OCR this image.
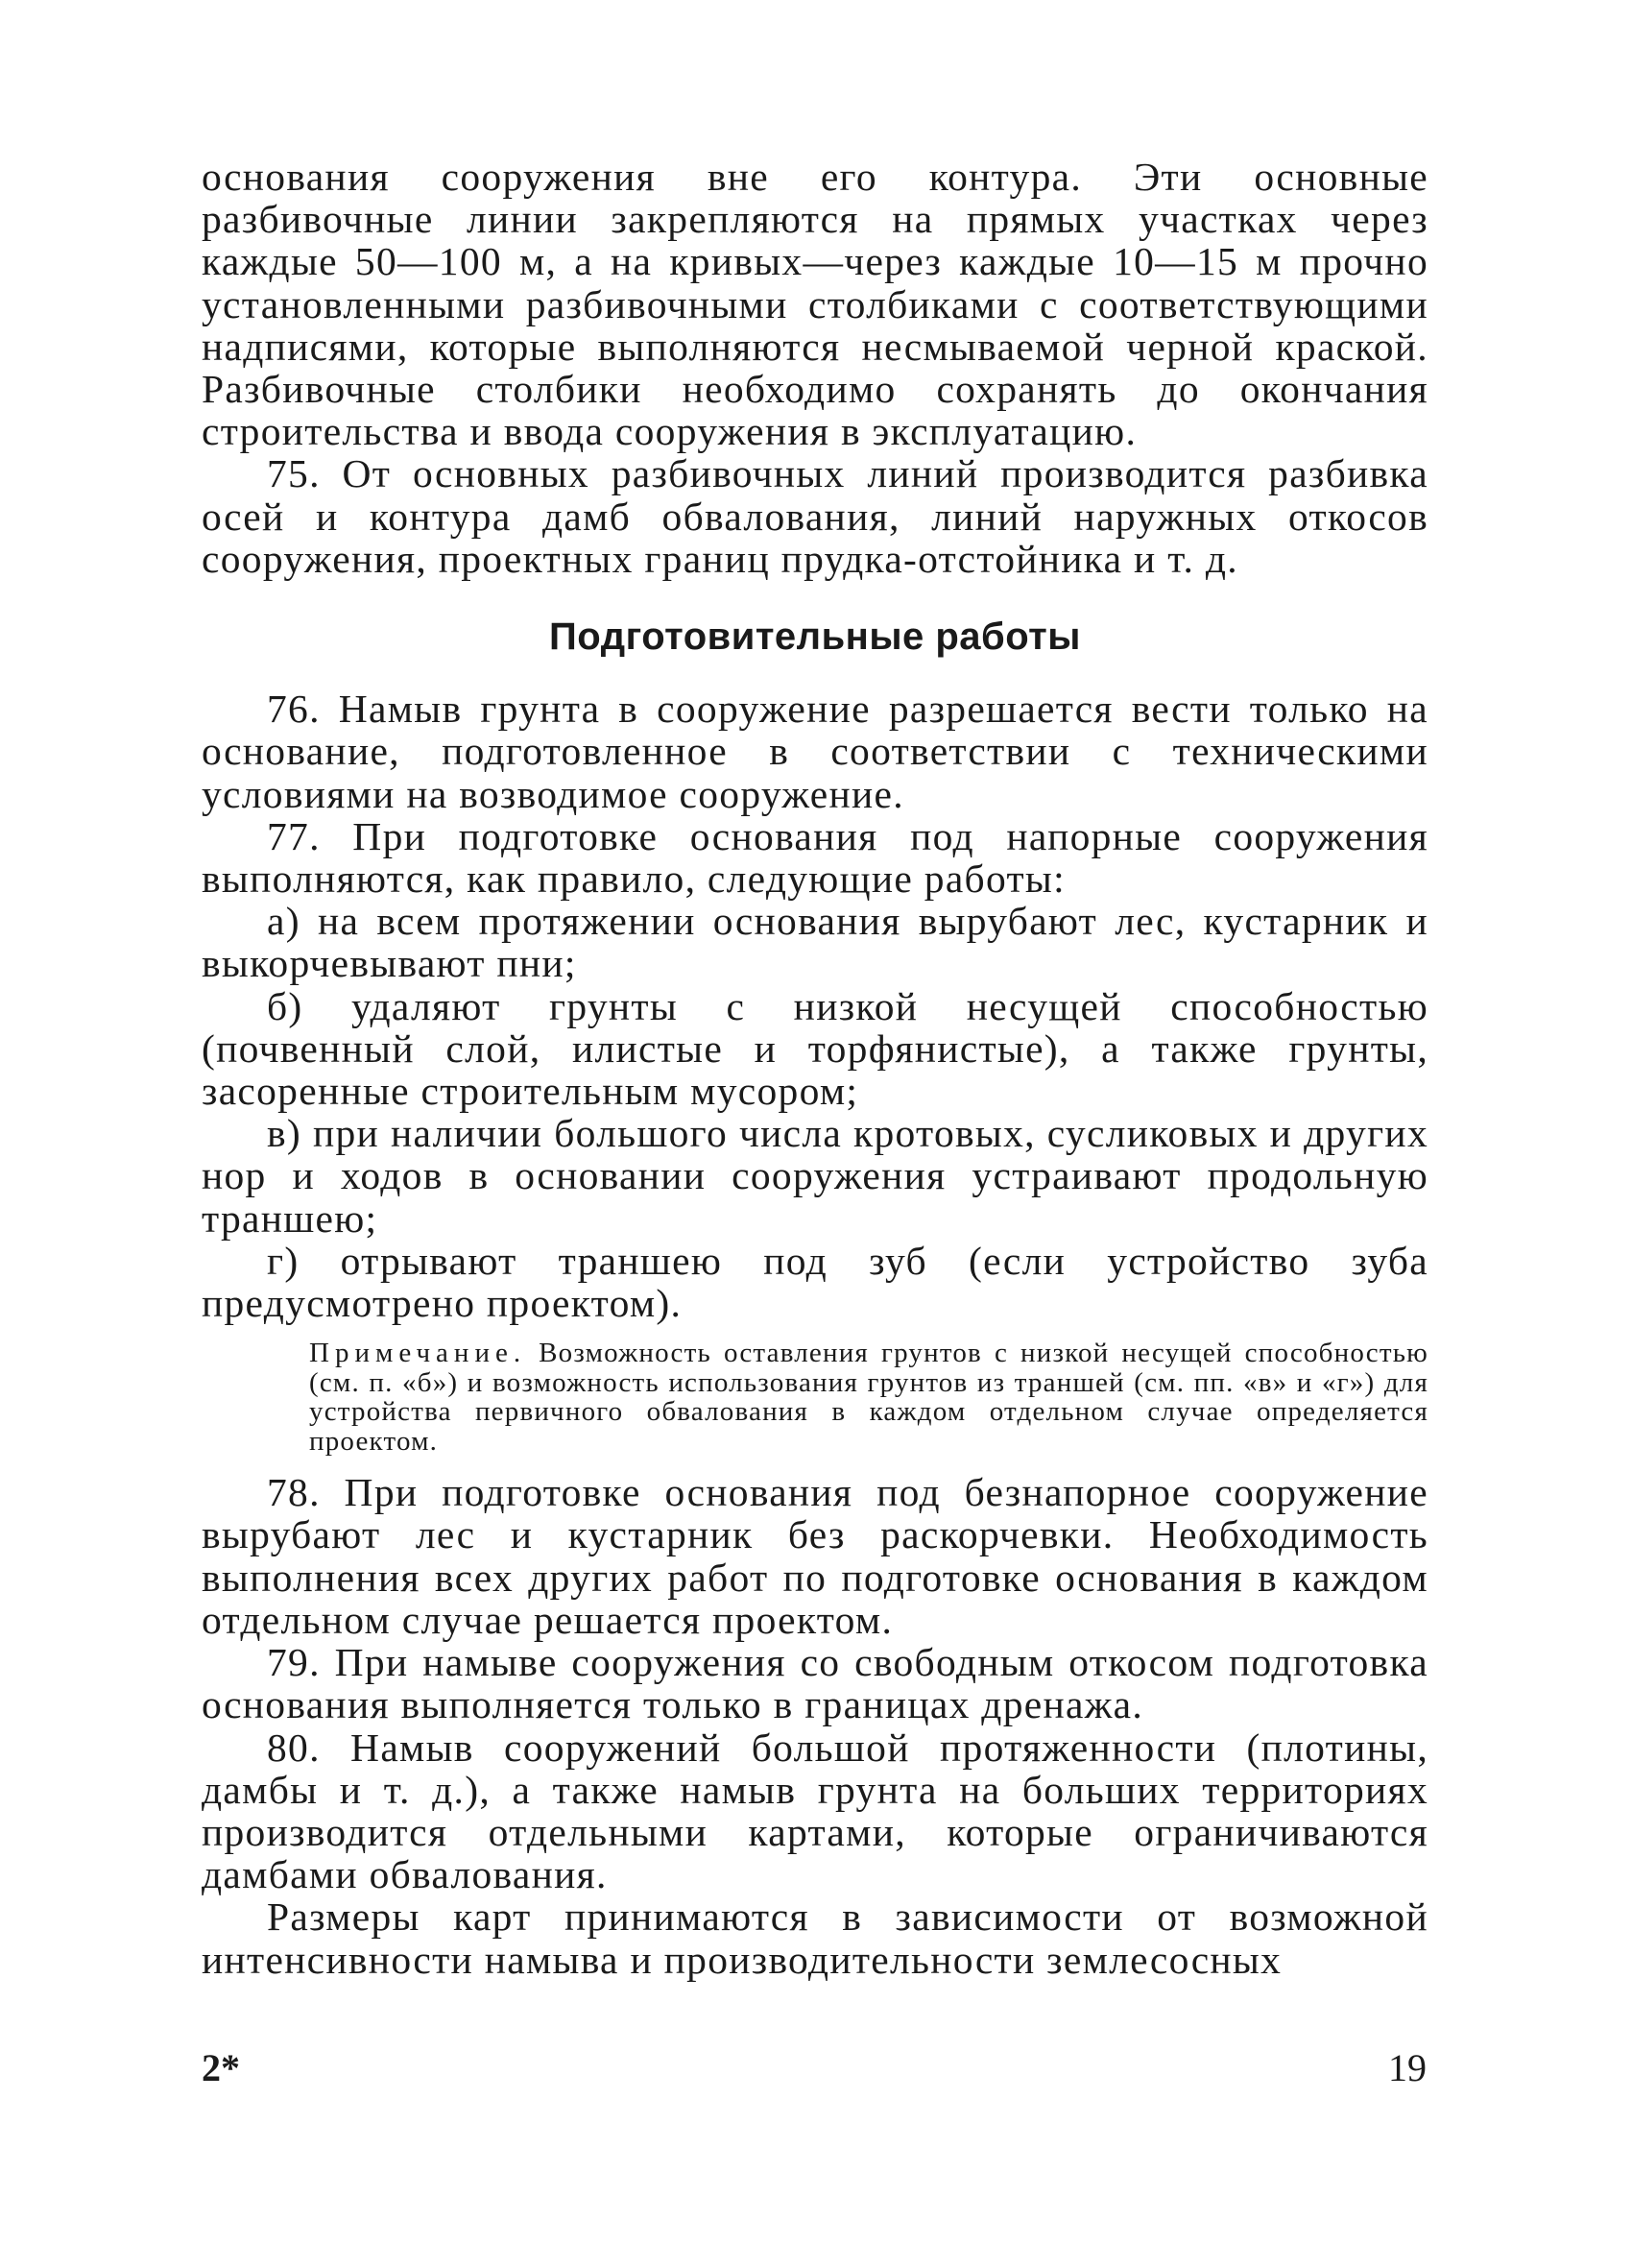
основания сооружения вне его контура. Эти основные разбивочные линии закрепляются на прямых участках через каждые 50—100 м, а на кривых—через каждые 10—15 м прочно установленными разбивочными столбиками с соответствующими надписями, которые выполняются несмываемой черной краской. Разбивочные столбики необходимо сохранять до окончания строительства и ввода сооружения в эксплуатацию.

75. От основных разбивочных линий производится разбивка осей и контура дамб обвалования, линий наружных откосов сооружения, проектных границ прудка-отстойника и т. д.

Подготовительные работы

76. Намыв грунта в сооружение разрешается вести только на основание, подготовленное в соответствии с техническими условиями на возводимое сооружение.

77. При подготовке основания под напорные сооружения выполняются, как правило, следующие работы:

а) на всем протяжении основания вырубают лес, кустарник и выкорчевывают пни;

б) удаляют грунты с низкой несущей способностью (почвенный слой, илистые и торфянистые), а также грунты, засоренные строительным мусором;

в) при наличии большого числа кротовых, сусликовых и других нор и ходов в основании сооружения устраивают продольную траншею;

г) отрывают траншею под зуб (если устройство зуба предусмотрено проектом).

Примечание. Возможность оставления грунтов с низкой несущей способностью (см. п. «б») и возможность использования грунтов из траншей (см. пп. «в» и «г») для устройства первичного обвалования в каждом отдельном случае определяется проектом.

78. При подготовке основания под безнапорное сооружение вырубают лес и кустарник без раскорчевки. Необходимость выполнения всех других работ по подготовке основания в каждом отдельном случае решается проектом.

79. При намыве сооружения со свободным откосом подготовка основания выполняется только в границах дренажа.

80. Намыв сооружений большой протяженности (плотины, дамбы и т. д.), а также намыв грунта на больших территориях производится отдельными картами, которые ограничиваются дамбами обвалования.

Размеры карт принимаются в зависимости от возможной интенсивности намыва и производительности землесосных

2*	19
